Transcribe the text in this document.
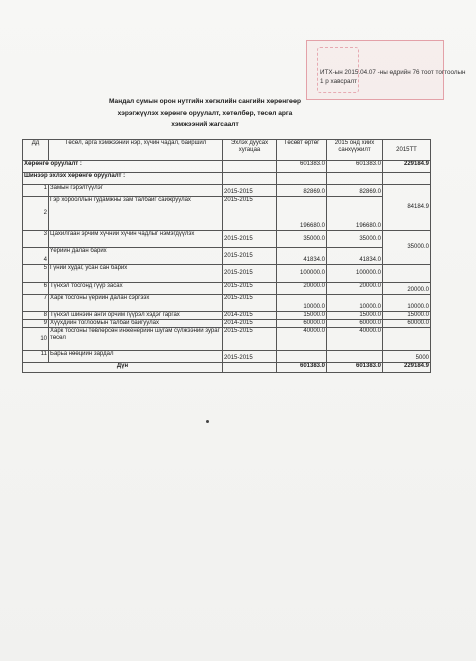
ИТХ-ын 2015.04.07 -ны өдрийн 76 тоот тогтоолын 1 р хавсралт
Мандал сумын орон нутгийн хөгжлийн сангийн хөрөнгөөр хэрэгжүүлэх хөрөнгө оруулалт, хөтөлбөр, төсөл арга хэмжээний жагсаалт
Дд	Төсөл, арга хэмжээний нэр, хүчин чадал, байршил	Эхлэх дуусах хугацаа	Төсөвт өртөг	2015 онд хийх санхүүжилт	2015ТТ
Хөрөнгө оруулалт :			601383.0	601383.0	229184.9
Шинээр эхлэх хөрөнгө оруулалт :					
1	Замын гэрэлтүүлэг	2015-2015	82869.0	82869.0	84184.9
2	Гэр хорооллын гудамжны зам талбайг сайжруулах	2015-2015	196680.0	196680.0	
3	Цахилгаан эрчим хүчний хүчин чадлыг нэмэгдүүлэх	2015-2015	35000.0	35000.0	35000.0
4	Үерийн далан барих	2015-2015	41834.0	41834.0	
5	Гүний худаг, усан сан барих	2015-2015	100000.0	100000.0	
6	Түнхэл тосгонд гүүр засах	2015-2015	20000.0	20000.0	20000.0
7	Харк тосгоны үерийн далан сэргээх	2015-2015	10000.0	10000.0	10000.0
8	Түнхэл шинэйн анги орчим гүүрэл хэдэг гаргах	2014-2015	15000.0	15000.0	15000.0
9	Хүүхдийн тоглоомын талбай байгуулах	2014-2015	60000.0	60000.0	60000.0
10	Харк тосгоны төвлөрсөн инженерийн шугам сүлжээний зураг төсөл	2015-2015	40000.0	40000.0	
11	Барьа нөөцийн зардал	2015-2015			5000
Дүн			601383.0	601383.0	229184.9
